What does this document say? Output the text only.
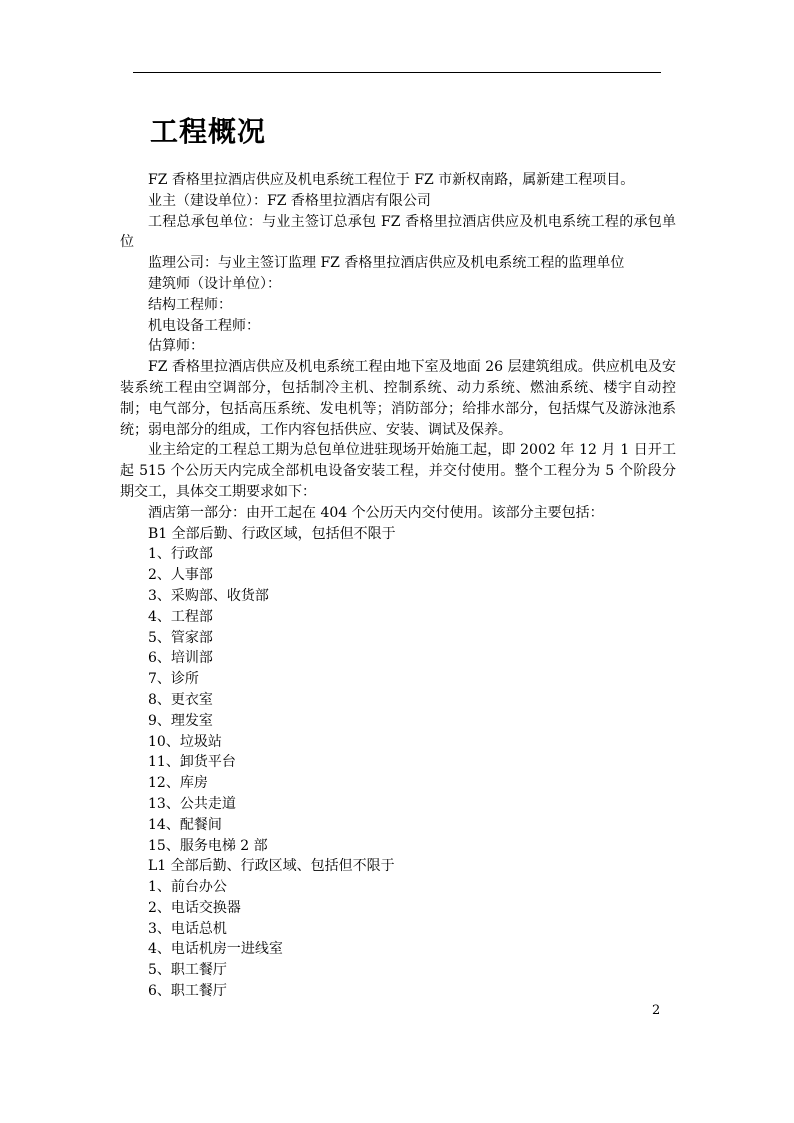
工程概况

FZ 香格里拉酒店供应及机电系统工程位于 FZ 市新权南路，属新建工程项目。

业主（建设单位）：FZ 香格里拉酒店有限公司

工程总承包单位：与业主签订总承包 FZ 香格里拉酒店供应及机电系统工程的承包单位

监理公司：与业主签订监理 FZ 香格里拉酒店供应及机电系统工程的监理单位

建筑师（设计单位）：

结构工程师：

机电设备工程师：

估算师：

FZ 香格里拉酒店供应及机电系统工程由地下室及地面 26 层建筑组成。供应机电及安装系统工程由空调部分，包括制冷主机、控制系统、动力系统、燃油系统、楼宇自动控制；电气部分，包括高压系统、发电机等；消防部分；给排水部分，包括煤气及游泳池系统；弱电部分的组成，工作内容包括供应、安装、调试及保养。

业主给定的工程总工期为总包单位进驻现场开始施工起，即 2002 年 12 月 1 日开工起 515 个公历天内完成全部机电设备安装工程，并交付使用。整个工程分为 5 个阶段分期交工，具体交工期要求如下：

酒店第一部分：由开工起在 404 个公历天内交付使用。该部分主要包括：

B1 全部后勤、行政区域，包括但不限于

1、行政部
2、人事部
3、采购部、收货部
4、工程部
5、管家部
6、培训部
7、诊所
8、更衣室
9、理发室
10、垃圾站
11、卸货平台
12、库房
13、公共走道
14、配餐间
15、服务电梯 2 部

L1 全部后勤、行政区域、包括但不限于

1、前台办公
2、电话交换器
3、电话总机
4、电话机房一进线室
5、职工餐厅
6、职工餐厅
2
